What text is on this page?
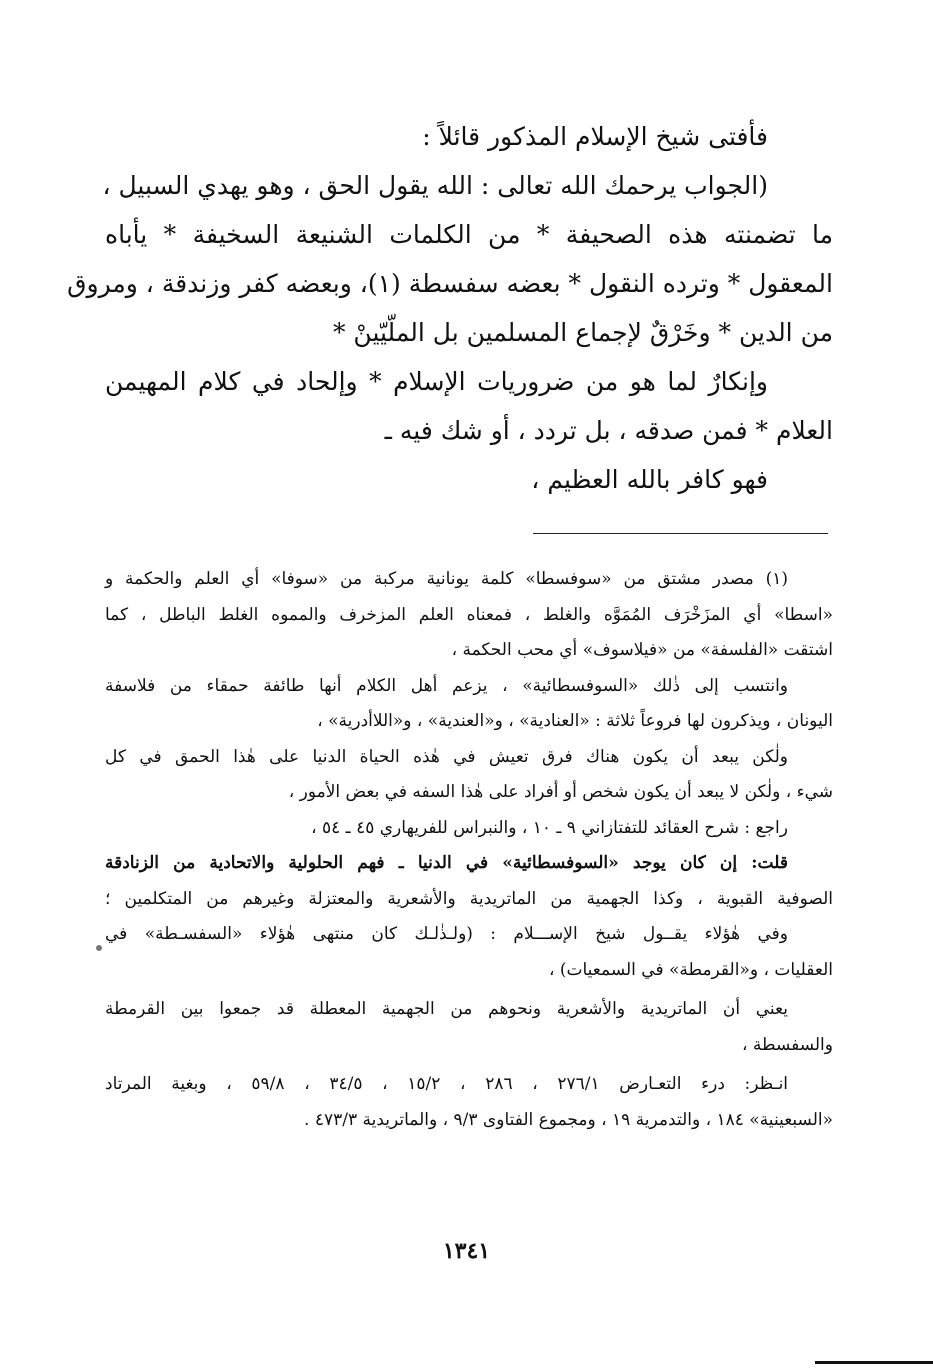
فأفتى شيخ الإسلام المذكور قائلاً :
(الجواب يرحمك الله تعالى : الله يقول الحق ، وهو يهدي السبيل ،
ما تضمنته هذه الصحيفة * من الكلمات الشنيعة السخيفة * يأباه
المعقول * وترده النقول * بعضه سفسطة (١)، وبعضه كفر وزندقة ، ومروق
من الدين * وخَرْقٌ لإجماع المسلمين بل الملّيّينْ *
وإنكارٌ لما هو من ضروريات الإسلام * وإلحاد في كلام المهيمن
العلام * فمن صدقه ، بل تردد ، أو شك فيه ـ
فهو كافر بالله العظيم ،
(١) مصدر مشتق من «سوفسطا» كلمة يونانية مركبة من «سوفا» أي العلم والحكمة و
«اسطا» أي المزَخْرَف المُمَوَّه والغلط ، فمعناه العلم المزخرف والمموه الغلط الباطل ، كما
اشتقت «الفلسفة» من «فيلاسوف» أي محب الحكمة ،
وانتسب إلى ذٰلك «السوفسطائية» ، يزعم أهل الكلام أنها طائفة حمقاء من فلاسفة
اليونان ، ويذكرون لها فروعاً ثلاثة : «العنادية» ، و«العندية» ، و«اللاأدرية» ،
ولٰكن يبعد أن يكون هناك فرق تعيش في هٰذه الحياة الدنيا على هٰذا الحمق في كل
شيء ، ولٰكن لا يبعد أن يكون شخص أو أفراد على هٰذا السفه في بعض الأمور ،
راجع : شرح العقائد للتفتازاني ٩ ـ ١٠ ، والنبراس للفريهاري ٤٥ ـ ٥٤ ،
قلت: إن كان يوجد «السوفسطائية» في الدنيا ـ فهم الحلولية والاتحادية من الزنادقة
الصوفية القبوية ، وكذا الجهمية من الماتريدية والأشعرية والمعتزلة وغيرهم من المتكلمين ؛
وفي هٰؤلاء يقــول شيخ الإســـلام : (ولـذٰلـك كان منتهى هٰؤلاء «السفسـطة» في
العقليات ، و«القرمطة» في السمعيات) ،
يعني أن الماتريدية والأشعرية ونحوهم من الجهمية المعطلة قد جمعوا بين القرمطة
والسفسطة ،
انـظر: درء التعـارض ٢٧٦/١ ، ٢٨٦ ، ١٥/٢ ، ٣٤/٥ ، ٥٩/٨ ، وبغية المرتاد
«السبعينية» ١٨٤ ، والتدمرية ١٩ ، ومجموع الفتاوى ٩/٣ ، والماتريدية ٤٧٣/٣ .
١٣٤١
